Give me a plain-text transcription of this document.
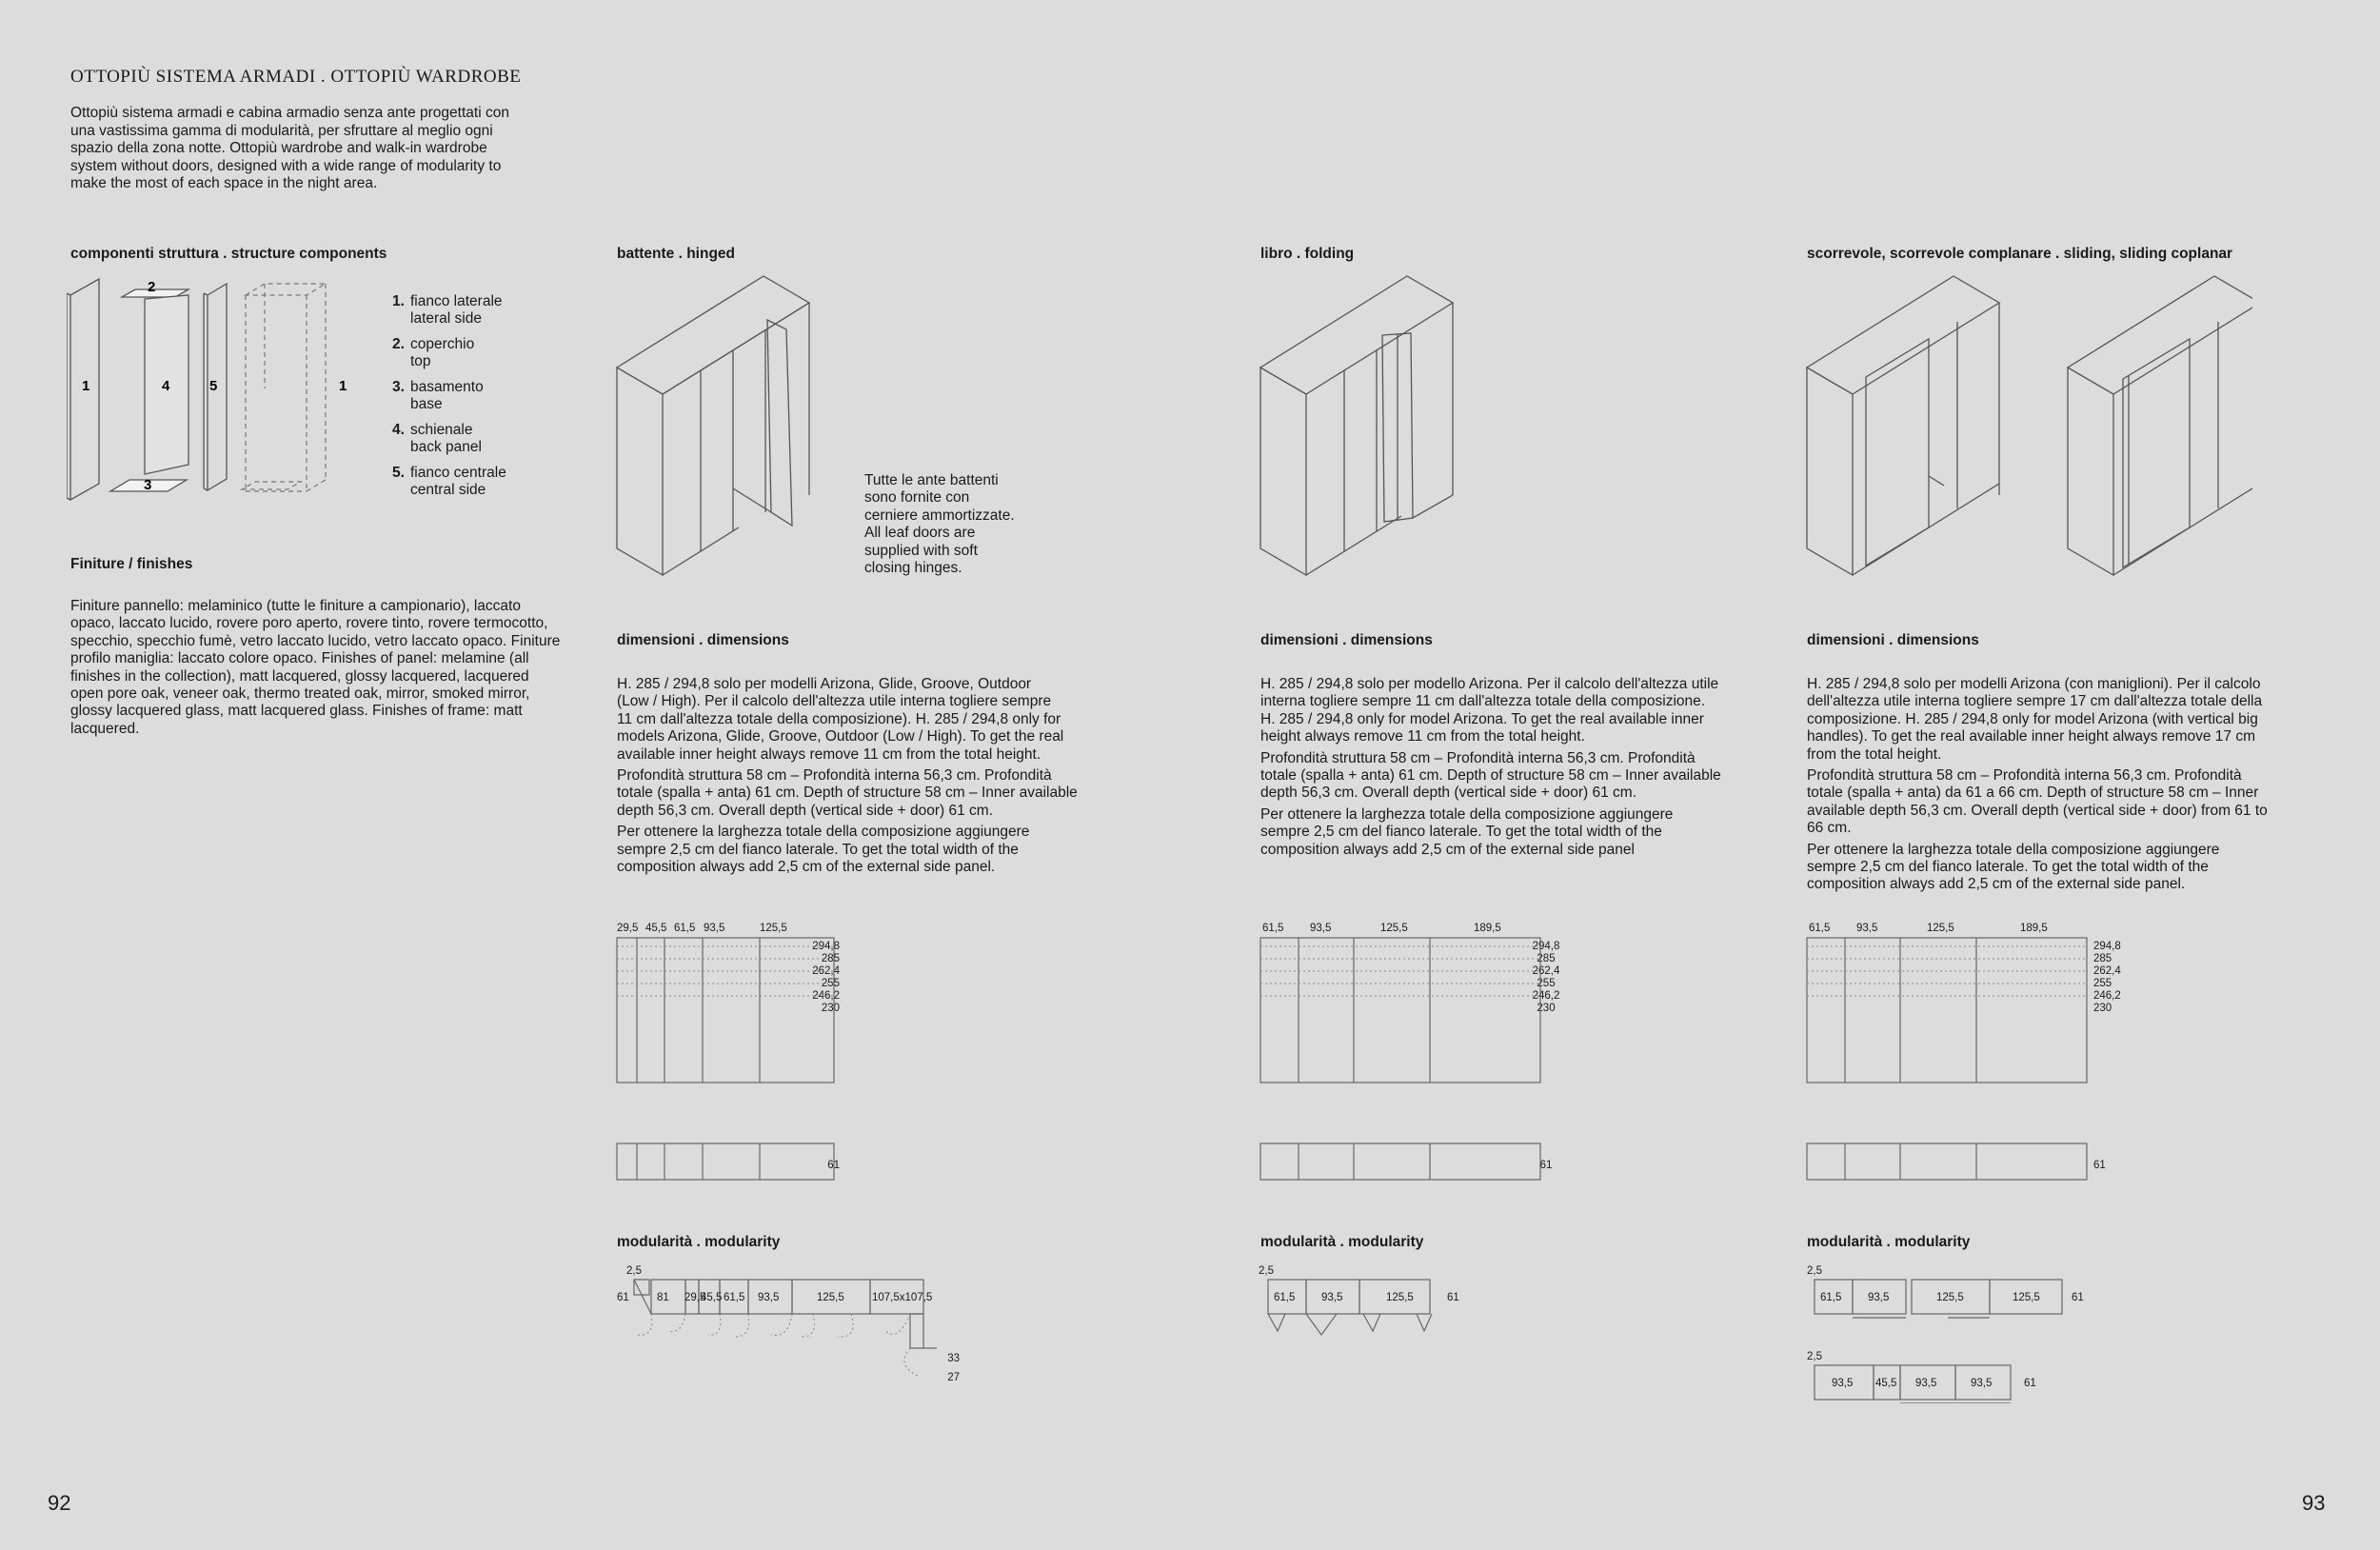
OTTOPIÙ SISTEMA ARMADI . OTTOPIÙ WARDROBE
Ottopiù sistema armadi e cabina armadio senza ante progettati con
una vastissima gamma di modularità, per sfruttare al meglio ogni
spazio della zona notte. Ottopiù wardrobe and walk-in wardrobe
system without doors, designed with a wide range of modularity to
make the most of each space in the night area.
componenti struttura . structure components
1
2
3
4	5	1
1. fianco laterale
lateral side
2. coperchio
top
3. basamento
base
4. schienale
back panel
5. fianco centrale
central side
Finiture / finishes
Finiture pannello: melaminico (tutte le finiture a campionario), laccato opaco, laccato lucido, rovere poro aperto, rovere tinto, rovere termocotto, specchio, specchio fumè, vetro laccato lucido, vetro laccato opaco. Finiture profilo maniglia: laccato colore opaco. Finishes of panel: melamine (all finishes in the collection), matt lacquered, glossy lacquered, lacquered open pore oak, veneer oak, thermo treated oak, mirror, smoked mirror, glossy lacquered glass, matt lacquered glass. Finishes of frame: matt lacquered.
battente . hinged
Tutte le ante battenti
sono fornite con
cerniere ammortizzate.
All leaf doors are
supplied with soft
closing hinges.
dimensioni . dimensions

H. 285 / 294,8 solo per modelli Arizona, Glide, Groove, Outdoor
(Low / High). Per il calcolo dell'altezza utile interna togliere sempre
11 cm dall'altezza totale della composizione). H. 285 / 294,8 only for
models Arizona, Glide, Groove, Outdoor (Low / High). To get the real
available inner height always remove 11 cm from the total height.

Profondità struttura 58 cm – Profondità interna 56,3 cm. Profondità
totale (spalla + anta) 61 cm. Depth of structure 58 cm – Inner available
depth 56,3 cm. Overall depth (vertical side + door) 61 cm.

Per ottenere la larghezza totale della composizione aggiungere
sempre 2,5 cm del fianco laterale. To get the total width of the
composition always add 2,5 cm of the external side panel.

29,5 45,5 61,5 93,5	125,5
294,8
285
262,4
255
246,2
230
61
modularità . modularity
2,5
61	81 29,5
45,5 61,5 93,5	125,5	107,5x107,5
33
27
libro . folding
dimensioni . dimensions

H. 285 / 294,8 solo per modello Arizona. Per il calcolo dell'altezza utile
interna togliere sempre 11 cm dall'altezza totale della composizione.
H. 285 / 294,8 only for model Arizona. To get the real available inner
height always remove 11 cm from the total height.

Profondità struttura 58 cm – Profondità interna 56,3 cm. Profondità
totale (spalla + anta) 61 cm. Depth of structure 58 cm – Inner available
depth 56,3 cm. Overall depth (vertical side + door) 61 cm.

Per ottenere la larghezza totale della composizione aggiungere
sempre 2,5 cm del fianco laterale. To get the total width of the
composition always add 2,5 cm of the external side panel

61,5 93,5	125,5	189,5
294,8
285
262,4
255
246,2
230
61
modularità . modularity
2,5
61,5 93,5	125,5	61
scorrevole, scorrevole complanare . sliding, sliding coplanar
dimensioni . dimensions

H. 285 / 294,8 solo per modelli Arizona (con maniglioni). Per il calcolo
dell'altezza utile interna togliere sempre 17 cm dall'altezza totale della
composizione. H. 285 / 294,8 only for model Arizona (with vertical big
handles). To get the real available inner height always remove 17 cm
from the total height.

Profondità struttura 58 cm – Profondità interna 56,3 cm. Profondità
totale (spalla + anta) da 61 a 66 cm. Depth of structure 58 cm – Inner
available depth 56,3 cm. Overall depth (vertical side + door) from 61 to
66 cm.

Per ottenere la larghezza totale della composizione aggiungere
sempre 2,5 cm del fianco laterale. To get the total width of the
composition always add 2,5 cm of the external side panel.

61,5 93,5	125,5	189,5
294,8
285
262,4
255
246,2
230
61
modularità . modularity
2,5
61,5 93,5	125,5	125,5	61
2,5
93,5 45,5 93,5	93,5	61
92	93
